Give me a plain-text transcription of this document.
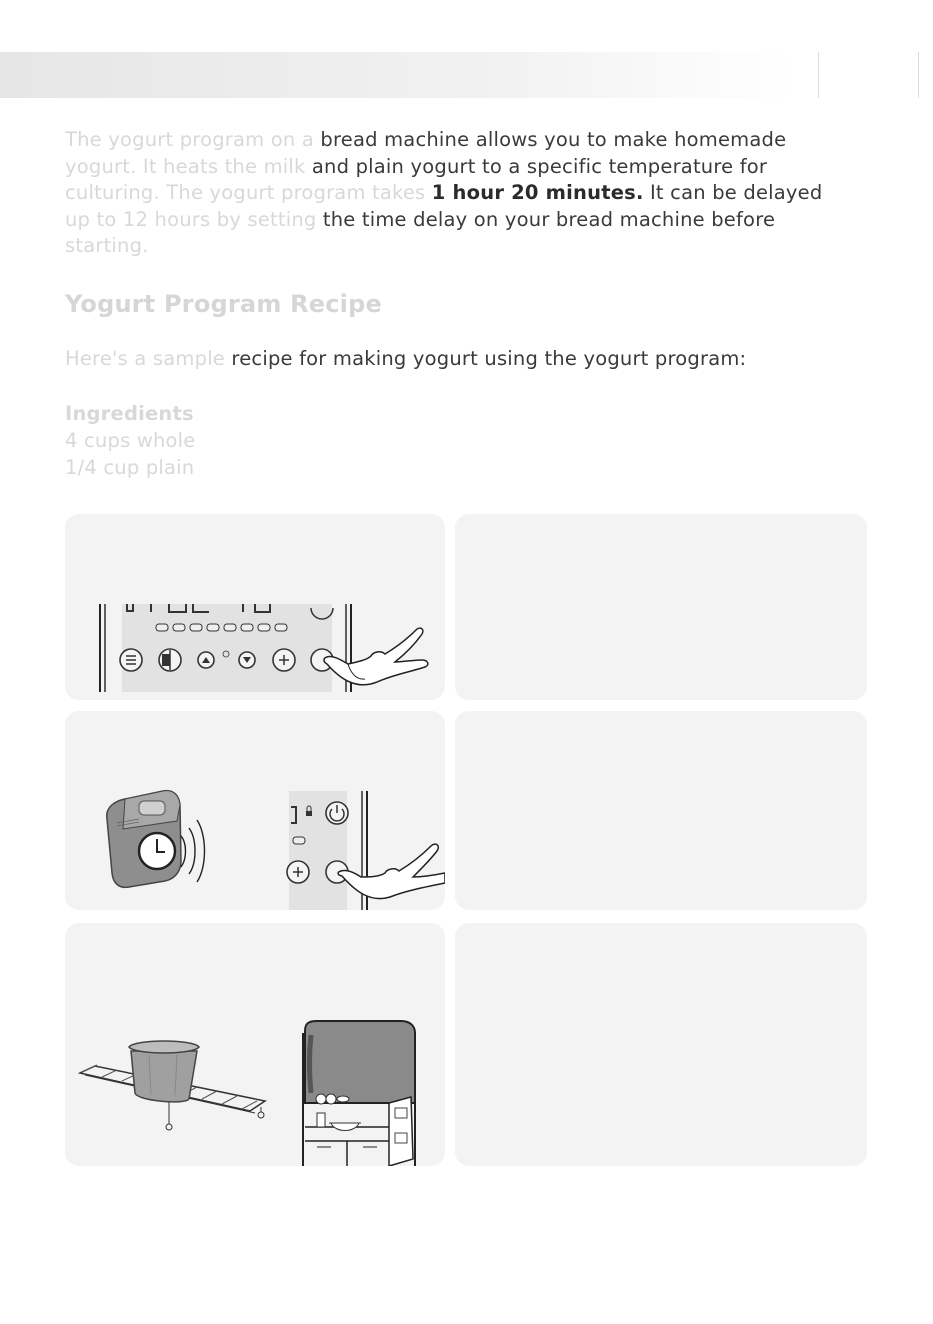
The yogurt program on a bread machine allows you to make homemade
yogurt. It heats the milk and plain yogurt to a specific temperature for
culturing. The yogurt program takes 1 hour 20 minutes. It can be delayed
up to 12 hours by setting the time delay on your bread machine before
starting.
Yogurt Program Recipe
Here's a sample recipe for making yogurt using the yogurt program:
Ingredients
4 cups whole
1/4 cup plain
